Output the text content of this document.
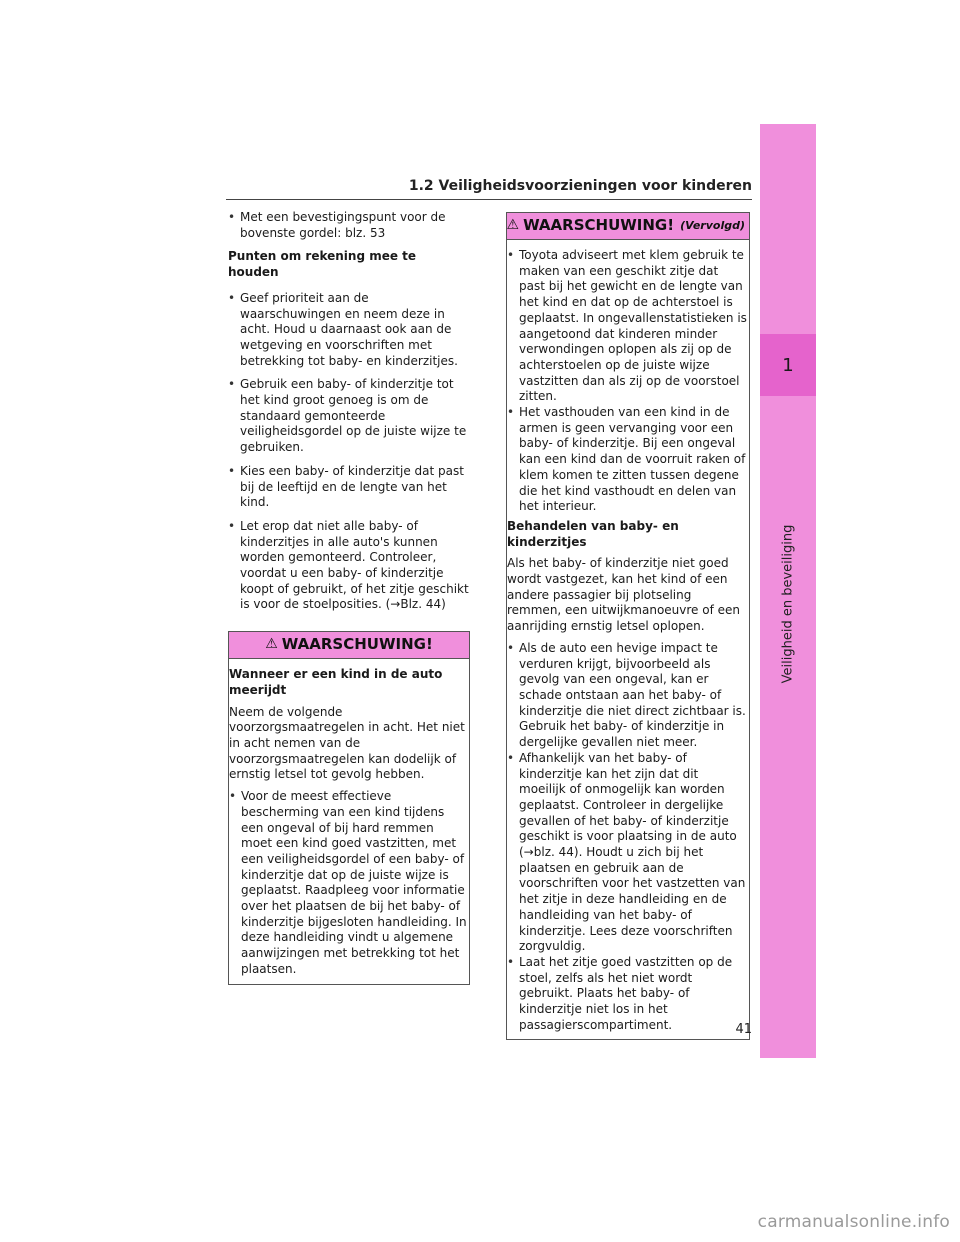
1.2 Veiligheidsvoorzieningen voor kinderen
1
Veiligheid en beveiliging
• Met een bevestigingspunt voor de bovenste gordel: blz. 53
Punten om rekening mee te houden
• Geef prioriteit aan de waarschuwingen en neem deze in acht. Houd u daarnaast ook aan de wetgeving en voorschriften met betrekking tot baby- en kinderzitjes.
• Gebruik een baby- of kinderzitje tot het kind groot genoeg is om de standaard gemonteerde veiligheidsgordel op de juiste wijze te gebruiken.
• Kies een baby- of kinderzitje dat past bij de leeftijd en de lengte van het kind.
• Let erop dat niet alle baby- of kinderzitjes in alle auto's kunnen worden gemonteerd. Controleer, voordat u een baby- of kinderzitje koopt of gebruikt, of het zitje geschikt is voor de stoelposities. (→Blz. 44)
⚠ WAARSCHUWING!

Wanneer er een kind in de auto meerijdt

Neem de volgende voorzorgsmaatregelen in acht. Het niet in acht nemen van de voorzorgsmaatregelen kan dodelijk of ernstig letsel tot gevolg hebben.

• Voor de meest effectieve bescherming van een kind tijdens een ongeval of bij hard remmen moet een kind goed vastzitten, met een veiligheidsgordel of een baby- of kinderzitje dat op de juiste wijze is geplaatst. Raadpleeg voor informatie over het plaatsen de bij het baby- of kinderzitje bijgesloten handleiding. In deze handleiding vindt u algemene aanwijzingen met betrekking tot het plaatsen.
⚠ WAARSCHUWING! (Vervolgd)
• Toyota adviseert met klem gebruik te maken van een geschikt zitje dat past bij het gewicht en de lengte van het kind en dat op de achterstoel is geplaatst. In ongevallenstatistieken is aangetoond dat kinderen minder verwondingen oplopen als zij op de achterstoelen op de juiste wijze vastzitten dan als zij op de voorstoel zitten.
• Het vasthouden van een kind in de armen is geen vervanging voor een baby- of kinderzitje. Bij een ongeval kan een kind dan de voorruit raken of klem komen te zitten tussen degene die het kind vasthoudt en delen van het interieur.

Behandelen van baby- en kinderzitjes

Als het baby- of kinderzitje niet goed wordt vastgezet, kan het kind of een andere passagier bij plotseling remmen, een uitwijkmanoeuvre of een aanrijding ernstig letsel oplopen.

• Als de auto een hevige impact te verduren krijgt, bijvoorbeeld als gevolg van een ongeval, kan er schade ontstaan aan het baby- of kinderzitje die niet direct zichtbaar is. Gebruik het baby- of kinderzitje in dergelijke gevallen niet meer.
• Afhankelijk van het baby- of kinderzitje kan het zijn dat dit moeilijk of onmogelijk kan worden geplaatst. Controleer in dergelijke gevallen of het baby- of kinderzitje geschikt is voor plaatsing in de auto (→blz. 44). Houdt u zich bij het plaatsen en gebruik aan de voorschriften voor het vastzetten van het zitje in deze handleiding en de handleiding van het baby- of kinderzitje. Lees deze voorschriften zorgvuldig.
• Laat het zitje goed vastzitten op de stoel, zelfs als het niet wordt gebruikt. Plaats het baby- of kinderzitje niet los in het passagierscompartiment.	41
carmanualsonline.info
